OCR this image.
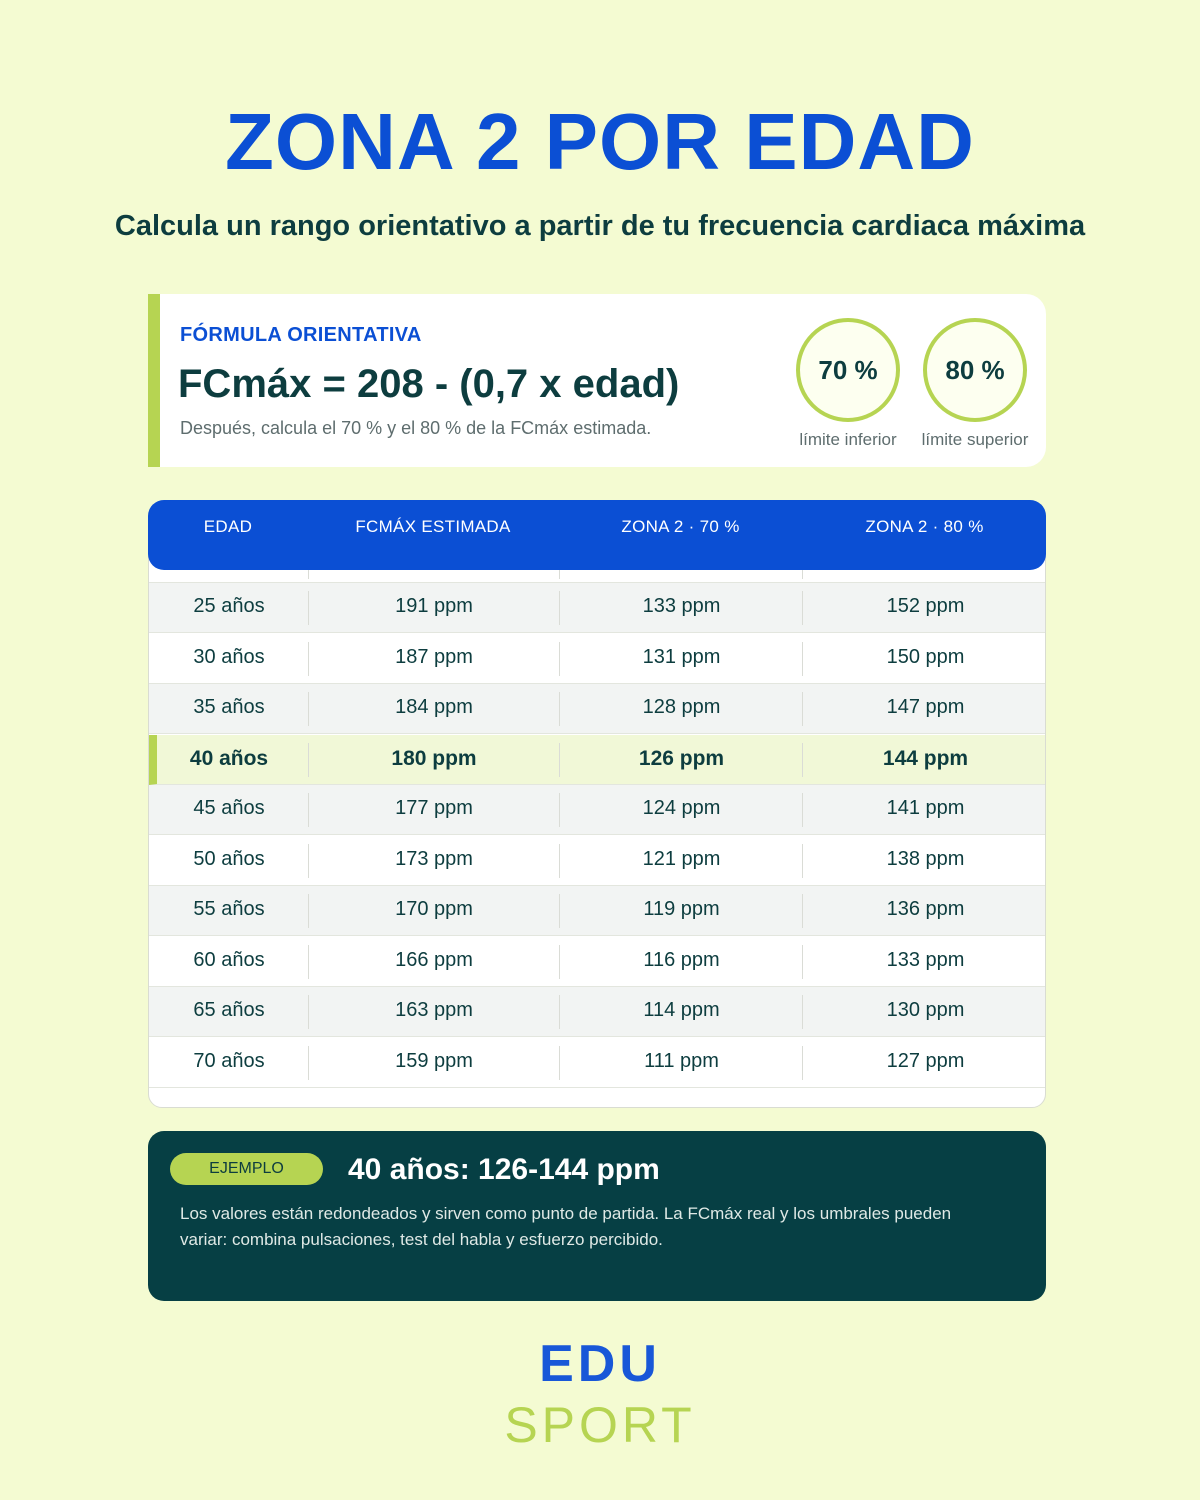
ZONA 2 POR EDAD
Calcula un rango orientativo a partir de tu frecuencia cardiaca máxima
FÓRMULA ORIENTATIVA
FCmáx = 208 - (0,7 x edad)
Después, calcula el 70 % y el 80 % de la FCmáx estimada.
70 %
límite inferior
80 %
límite superior
EDAD	FCMÁX ESTIMADA	ZONA 2 · 70 %	ZONA 2 · 80 %
25 años	191 ppm	133 ppm	152 ppm
30 años	187 ppm	131 ppm	150 ppm
35 años	184 ppm	128 ppm	147 ppm
40 años	180 ppm	126 ppm	144 ppm
45 años	177 ppm	124 ppm	141 ppm
50 años	173 ppm	121 ppm	138 ppm
55 años	170 ppm	119 ppm	136 ppm
60 años	166 ppm	116 ppm	133 ppm
65 años	163 ppm	114 ppm	130 ppm
70 años	159 ppm	111 ppm	127 ppm
EJEMPLO	40 años: 126-144 ppm
Los valores están redondeados y sirven como punto de partida. La FCmáx real y los umbrales pueden variar: combina pulsaciones, test del habla y esfuerzo percibido.
EDU
SPORT
